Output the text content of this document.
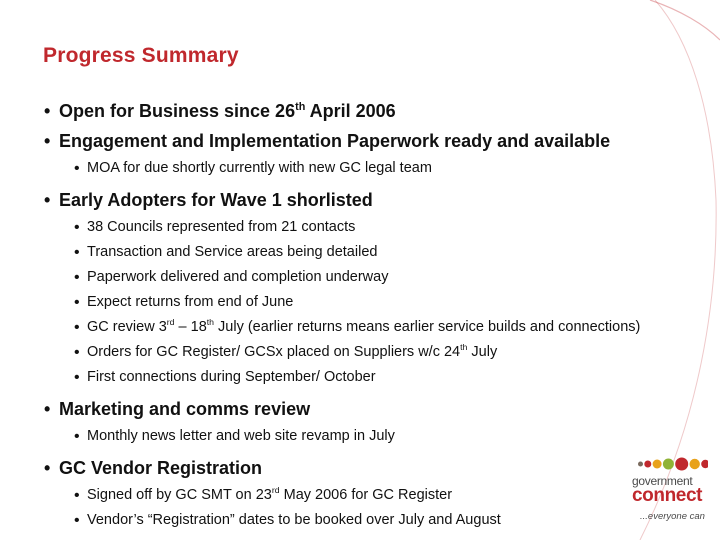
Progress Summary
• Open for Business since 26th April 2006
• Engagement and Implementation Paperwork ready and available
• MOA for due shortly currently with new GC legal team
• Early Adopters for Wave 1 shorlisted
• 38 Councils represented from 21 contacts
• Transaction and Service areas being detailed
• Paperwork delivered and completion underway
• Expect returns from end of June
• GC review 3rd – 18th July (earlier returns means earlier service builds and connections)
• Orders for GC Register/ GCSx placed on Suppliers w/c 24th July
• First connections during September/ October
• Marketing and comms review
• Monthly news letter and web site revamp in July
• GC Vendor Registration
• Signed off by GC SMT on 23rd May 2006 for GC Register
• Vendor’s “Registration” dates to be booked over July and August
government
connect
...everyone can
